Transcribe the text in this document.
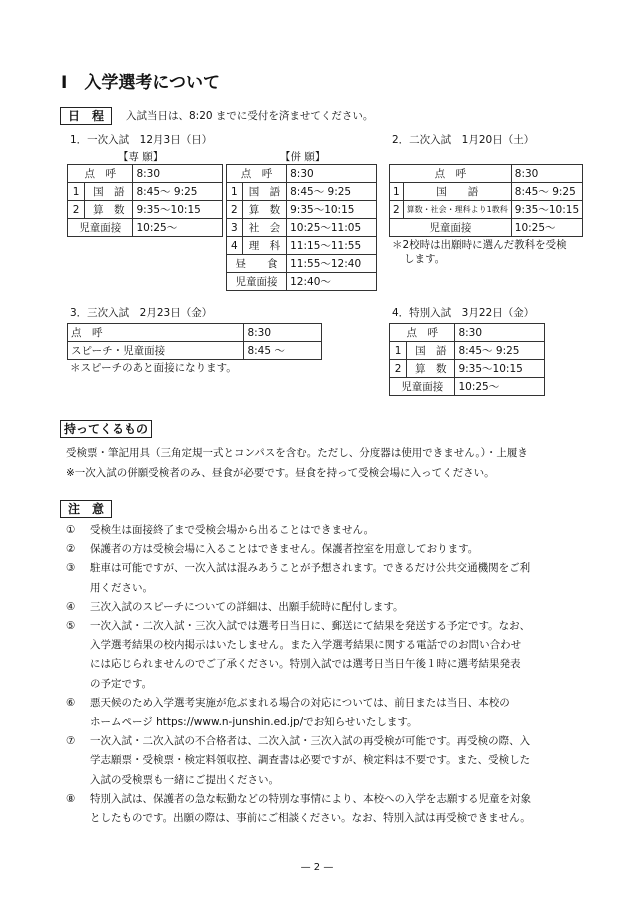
Ⅰ　入学選考について
日　程	入試当日は、8:20 までに受付を済ませてください。
1．一次入試　12月3日（日）
【専 願】	【併 願】
点　呼		8:30
1	国　語	8:45〜 9:25
2	算　数	9:35〜10:15
児童面接		10:25〜
点　呼		8:30
1	国　語	8:45〜 9:25
2	算　数	9:35〜10:15
3	社　会	10:25〜11:05
4	理　科	11:15〜11:55
昼　　食		11:55〜12:40
児童面接		12:40〜
2．二次入試　1月20日（土）
点　呼		8:30
1	国　　語	8:45〜 9:25
2	算数・社会・理科より1教科	9:35〜10:15
児童面接		10:25〜
＊2校時は出願時に選んだ教科を受検
します。
3．三次入試　2月23日（金）
点　呼	8:30
スピーチ・児童面接	8:45 〜
＊スピーチのあと面接になります。
4．特別入試　3月22日（金）
点　呼		8:30
1	国　語	8:45〜 9:25
2	算　数	9:35〜10:15
児童面接		10:25〜
持ってくるもの
受検票・筆記用具（三角定規一式とコンパスを含む。ただし、分度器は使用できません。）・上履き
※一次入試の併願受検者のみ、昼食が必要です。昼食を持って受検会場に入ってください。
注　意
①	受検生は面接終了まで受検会場から出ることはできません。
②	保護者の方は受検会場に入ることはできません。保護者控室を用意しております。
③	駐車は可能ですが、一次入試は混みあうことが予想されます。できるだけ公共交通機関をご利
用ください。
④	三次入試のスピーチについての詳細は、出願手続時に配付します。
⑤	一次入試・二次入試・三次入試では選考日当日に、郵送にて結果を発送する予定です。なお、
入学選考結果の校内掲示はいたしません。また入学選考結果に関する電話でのお問い合わせ
には応じられませんのでご了承ください。特別入試では選考日当日午後１時に選考結果発表
の予定です。
⑥	悪天候のため入学選考実施が危ぶまれる場合の対応については、前日または当日、本校の
ホームページ https://www.n-junshin.ed.jp/でお知らせいたします。
⑦	一次入試・二次入試の不合格者は、二次入試・三次入試の再受検が可能です。再受検の際、入
学志願票・受検票・検定料領収控、調査書は必要ですが、検定料は不要です。また、受検した
入試の受検票も一緒にご提出ください。
⑧	特別入試は、保護者の急な転勤などの特別な事情により、本校への入学を志願する児童を対象
としたものです。出願の際は、事前にご相談ください。なお、特別入試は再受検できません。
— 2 —
